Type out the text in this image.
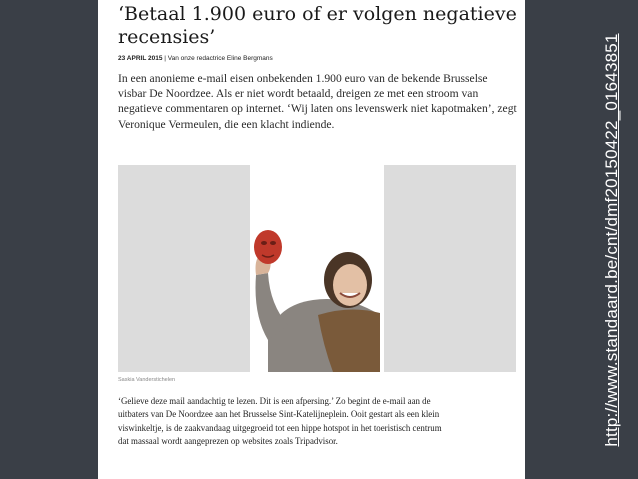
‘Betaal 1.900 euro of er volgen negatieve recensies’
23 APRIL 2015 | Van onze redactrice Eline Bergmans

In een anonieme e-mail eisen onbekenden 1.900 euro van de bekende Brusselse visbar De Noordzee. Als er niet wordt betaald, dreigen ze met een stroom van negatieve commentaren op internet. ‘Wij laten ons levenswerk niet kapotmaken’, zegt Veronique Vermeulen, die een klacht indiende.

standaard
Saskia Vanderstichelen

‘Gelieve deze mail aandachtig te lezen. Dit is een afpersing.’ Zo begint de e-mail aan de uitbaters van De Noordzee aan het Brusselse Sint-Katelijneplein. Ooit gestart als een klein viswinkeltje, is de zaakvandaag uitgegroeid tot een hippe hotspot in het toeristisch centrum dat massaal wordt aangeprezen op websites zoals Tripadvisor.	http://www.standaard.be/cnt/dmf20150422_01643851
